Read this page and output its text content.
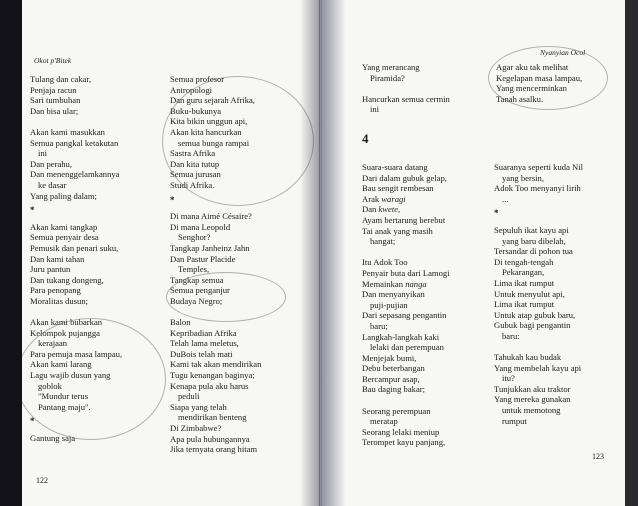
Okot p'Bitek
Tulang dan cakar,
Penjaja racun
Sari tumbuhan
Dan bisa ular;
Akan kami masukkan
Semua pangkal ketakutan
ini
Dan perahu,
Dan menenggelamkannya
ke dasar
Yang paling dalam;
*
Akan kami tangkap
Semua penyair desa
Pemusik dan penari suku,
Dan kami tahan
Juru pantun
Dan tukang dongeng,
Para penopang
Moralitas dusun;
Akan kami bubarkan
Kelompok pujangga
kerajaan
Para pemuja masa lampau,
Akan kami larang
Lagu wajib dusun yang
goblok
"Mundur terus
Pantang maju".
*
Gantung saja
Semua profesor
Antropologi
Dan guru sejarah Afrika,
Buku-bukunya
Kita bikin unggun api,
Akan kita hancurkan
semua bunga rampai
Sastra Afrika
Dan kita tutup
Semua jurusan
Studi Afrika.
*
Di mana Aimé Césaire?
Di mana Leopold
Senghor?
Tangkap Janheinz Jahn
Dan Pastur Placide
Temples,
Tangkap semua
Semua penganjur
Budaya Negro;
Balon
Kepribadian Afrika
Telah lama meletus,
DuBois telah mati
Kami tak akan mendirikan
Tugu kenangan baginya;
Kenapa pula aku harus
peduli
Siapa yang telah
mendirikan benteng
Di Zimbabwe?
Apa pula hubungannya
Jika ternyata orang hitam
122
Nyanyian Ocol
Yang merancang
Piramida?
Hancurkan semua cermin
ini
Agar aku tak melihat
Kegelapan masa lampau,
Yang mencerminkan
Tanah asalku.
4
Suara-suara datang
Dari dalam gubuk gelap,
Bau sengit rembesan
Arak waragi
Dan kwete,
Ayam bertarung berebut
Tai anak yang masih
hangat;
Itu Adok Too
Penyair buta dari Lamogi
Memainkan nanga
Dan menyanyikan
puji-pujian
Dari sepasang pengantin
baru;
Langkah-langkah kaki
lelaki dan perempuan
Menjejak bumi,
Debu beterbangan
Bercampur asap,
Bau daging bakar;
Seorang perempuan
meratap
Seorang lelaki meniup
Terompet kayu panjang,
Suaranya seperti kuda Nil
yang bersin,
Adok Too menyanyi lirih
...
*
Sepuluh ikat kayu api
yang baru dibelah,
Tersandar di pohon tua
Di tengah-tengah
Pekarangan,
Lima ikat rumput
Untuk menyulut api,
Lima ikat rumput
Untuk atap gubuk baru,
Gubuk bagi pengantin
baru:
Tahukah kau budak
Yang membelah kayu api
itu?
Tunjukkan aku traktor
Yang mereka gunakan
untuk memotong
rumput
123
